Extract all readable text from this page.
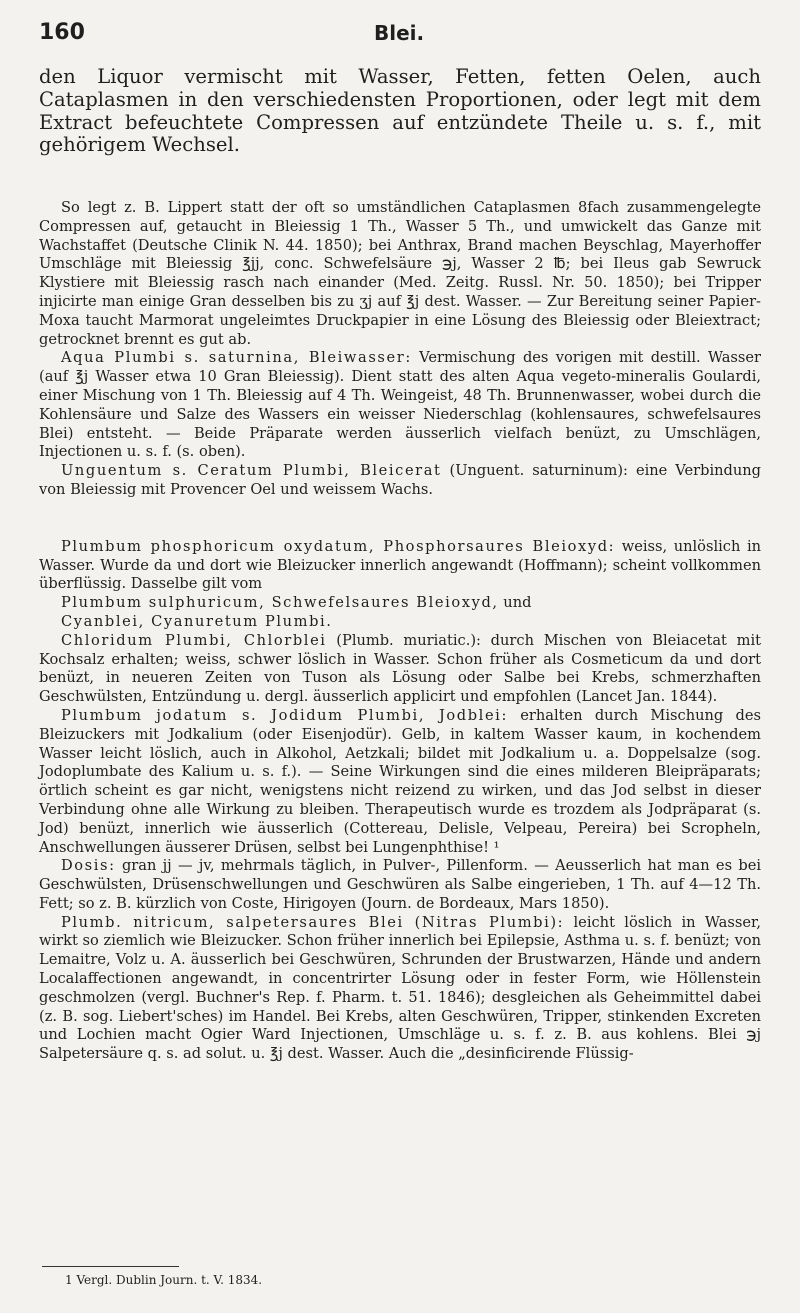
160	Blei.
den Liquor vermischt mit Wasser, Fetten, fetten Oelen, auch Cataplasmen in den verschiedensten Proportionen, oder legt mit dem Extract befeuchtete Compressen auf entzündete Theile u. s. f., mit gehörigem Wechsel.

So legt z. B. Lippert statt der oft so umständlichen Cataplasmen 8fach zusammengelegte Compressen auf, getaucht in Bleiessig 1 Th., Wasser 5 Th., und umwickelt das Ganze mit Wachstaffet (Deutsche Clinik N. 44. 1850); bei Anthrax, Brand machen Beyschlag, Mayerhoffer Umschläge mit Bleiessig ℥jj, conc. Schwefelsäure ℈j, Wasser 2 ℔; bei Ileus gab Sewruck Klystiere mit Bleiessig rasch nach einander (Med. Zeitg. Russl. Nr. 50. 1850); bei Tripper injicirte man einige Gran desselben bis zu ʒj auf ℥j dest. Wasser. — Zur Bereitung seiner Papier-Moxa taucht Marmorat ungeleimtes Druckpapier in eine Lösung des Bleiessig oder Bleiextract; getrocknet brennt es gut ab.

Aqua Plumbi s. saturnina, Bleiwasser: Vermischung des vorigen mit destill. Wasser (auf ℥j Wasser etwa 10 Gran Bleiessig). Dient statt des alten Aqua vegeto-mineralis Goulardi, einer Mischung von 1 Th. Bleiessig auf 4 Th. Weingeist, 48 Th. Brunnenwasser, wobei durch die Kohlensäure und Salze des Wassers ein weisser Niederschlag (kohlensaures, schwefelsaures Blei) entsteht. — Beide Präparate werden äusserlich vielfach benüzt, zu Umschlägen, Injectionen u. s. f. (s. oben).

Unguentum s. Ceratum Plumbi, Bleicerat (Unguent. saturninum): eine Verbindung von Bleiessig mit Provencer Oel und weissem Wachs.

Plumbum phosphoricum oxydatum, Phosphorsaures Bleioxyd: weiss, unlöslich in Wasser. Wurde da und dort wie Bleizucker innerlich angewandt (Hoffmann); scheint vollkommen überflüssig. Dasselbe gilt vom

Plumbum sulphuricum, Schwefelsaures Bleioxyd, und

Cyanblei, Cyanuretum Plumbi.

Chloridum Plumbi, Chlorblei (Plumb. muriatic.): durch Mischen von Bleiacetat mit Kochsalz erhalten; weiss, schwer löslich in Wasser. Schon früher als Cosmeticum da und dort benüzt, in neueren Zeiten von Tuson als Lösung oder Salbe bei Krebs, schmerzhaften Geschwülsten, Entzündung u. dergl. äusserlich applicirt und empfohlen (Lancet Jan. 1844).

Plumbum jodatum s. Jodidum Plumbi, Jodblei: erhalten durch Mischung des Bleizuckers mit Jodkalium (oder Eisenjodür). Gelb, in kaltem Wasser kaum, in kochendem Wasser leicht löslich, auch in Alkohol, Aetzkali; bildet mit Jodkalium u. a. Doppelsalze (sog. Jodoplumbate des Kalium u. s. f.). — Seine Wirkungen sind die eines milderen Bleipräparats; örtlich scheint es gar nicht, wenigstens nicht reizend zu wirken, und das Jod selbst in dieser Verbindung ohne alle Wirkung zu bleiben. Therapeutisch wurde es trozdem als Jodpräparat (s. Jod) benüzt, innerlich wie äusserlich (Cottereau, Delisle, Velpeau, Pereira) bei Scropheln, Anschwellungen äusserer Drüsen, selbst bei Lungenphthise! ¹

Dosis: gran jj — jv, mehrmals täglich, in Pulver-, Pillenform. — Aeusserlich hat man es bei Geschwülsten, Drüsenschwellungen und Geschwüren als Salbe eingerieben, 1 Th. auf 4—12 Th. Fett; so z. B. kürzlich von Coste, Hirigoyen (Journ. de Bordeaux, Mars 1850).

Plumb. nitricum, salpetersaures Blei (Nitras Plumbi): leicht löslich in Wasser, wirkt so ziemlich wie Bleizucker. Schon früher innerlich bei Epilepsie, Asthma u. s. f. benüzt; von Lemaitre, Volz u. A. äusserlich bei Geschwüren, Schrunden der Brustwarzen, Hände und andern Localaffectionen angewandt, in concentrirter Lösung oder in fester Form, wie Höllenstein geschmolzen (vergl. Buchner's Rep. f. Pharm. t. 51. 1846); desgleichen als Geheimmittel dabei (z. B. sog. Liebert'sches) im Handel. Bei Krebs, alten Geschwüren, Tripper, stinkenden Excreten und Lochien macht Ogier Ward Injectionen, Umschläge u. s. f. z. B. aus kohlens. Blei ℈j Salpetersäure q. s. ad solut. u. ℥j dest. Wasser. Auch die „desinficirende Flüssig-

1 Vergl. Dublin Journ. t. V. 1834.
